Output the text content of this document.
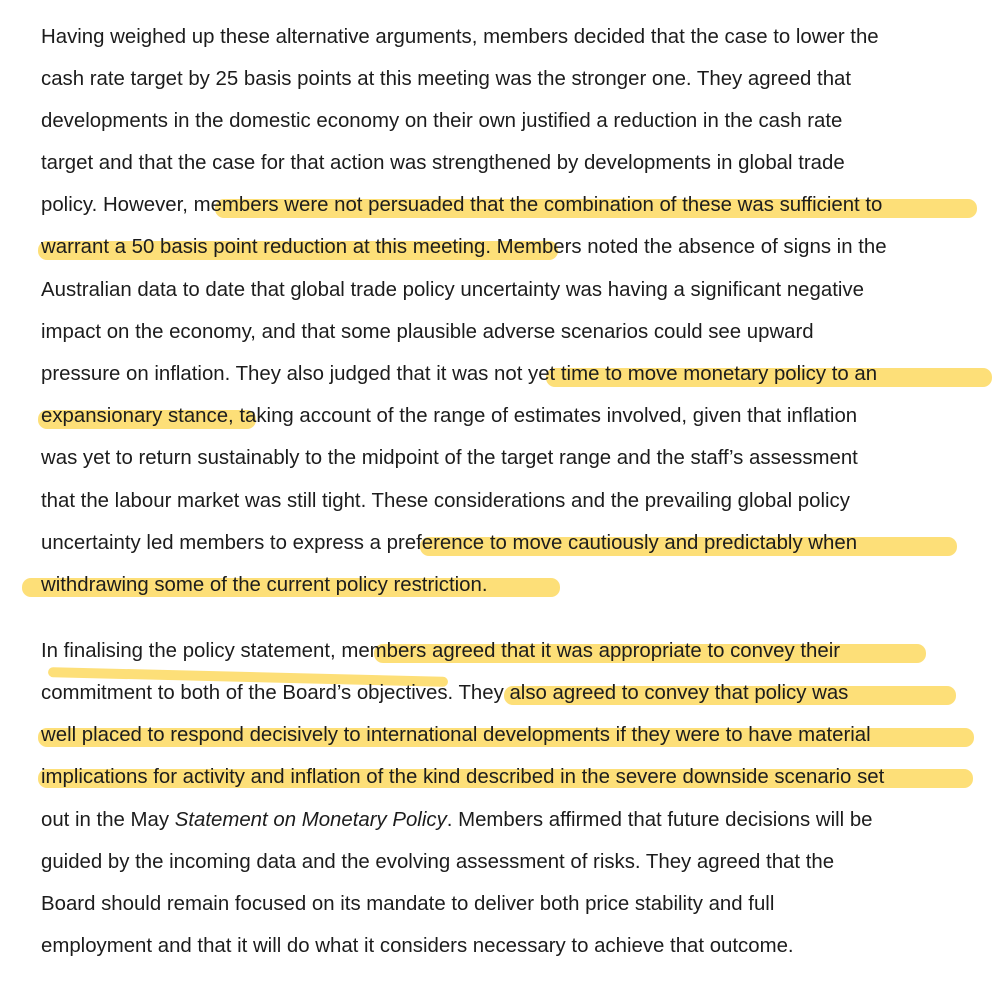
Having weighed up these alternative arguments, members decided that the case to lower the
cash rate target by 25 basis points at this meeting was the stronger one. They agreed that
developments in the domestic economy on their own justified a reduction in the cash rate
target and that the case for that action was strengthened by developments in global trade
policy. However, members were not persuaded that the combination of these was sufficient to
warrant a 50 basis point reduction at this meeting. Members noted the absence of signs in the
Australian data to date that global trade policy uncertainty was having a significant negative
impact on the economy, and that some plausible adverse scenarios could see upward
pressure on inflation. They also judged that it was not yet time to move monetary policy to an
expansionary stance, taking account of the range of estimates involved, given that inflation
was yet to return sustainably to the midpoint of the target range and the staff’s assessment
that the labour market was still tight. These considerations and the prevailing global policy
uncertainty led members to express a preference to move cautiously and predictably when
withdrawing some of the current policy restriction.
In finalising the policy statement, members agreed that it was appropriate to convey their
commitment to both of the Board’s objectives. They also agreed to convey that policy was
well placed to respond decisively to international developments if they were to have material
implications for activity and inflation of the kind described in the severe downside scenario set
out in the May Statement on Monetary Policy. Members affirmed that future decisions will be
guided by the incoming data and the evolving assessment of risks. They agreed that the
Board should remain focused on its mandate to deliver both price stability and full
employment and that it will do what it considers necessary to achieve that outcome.
